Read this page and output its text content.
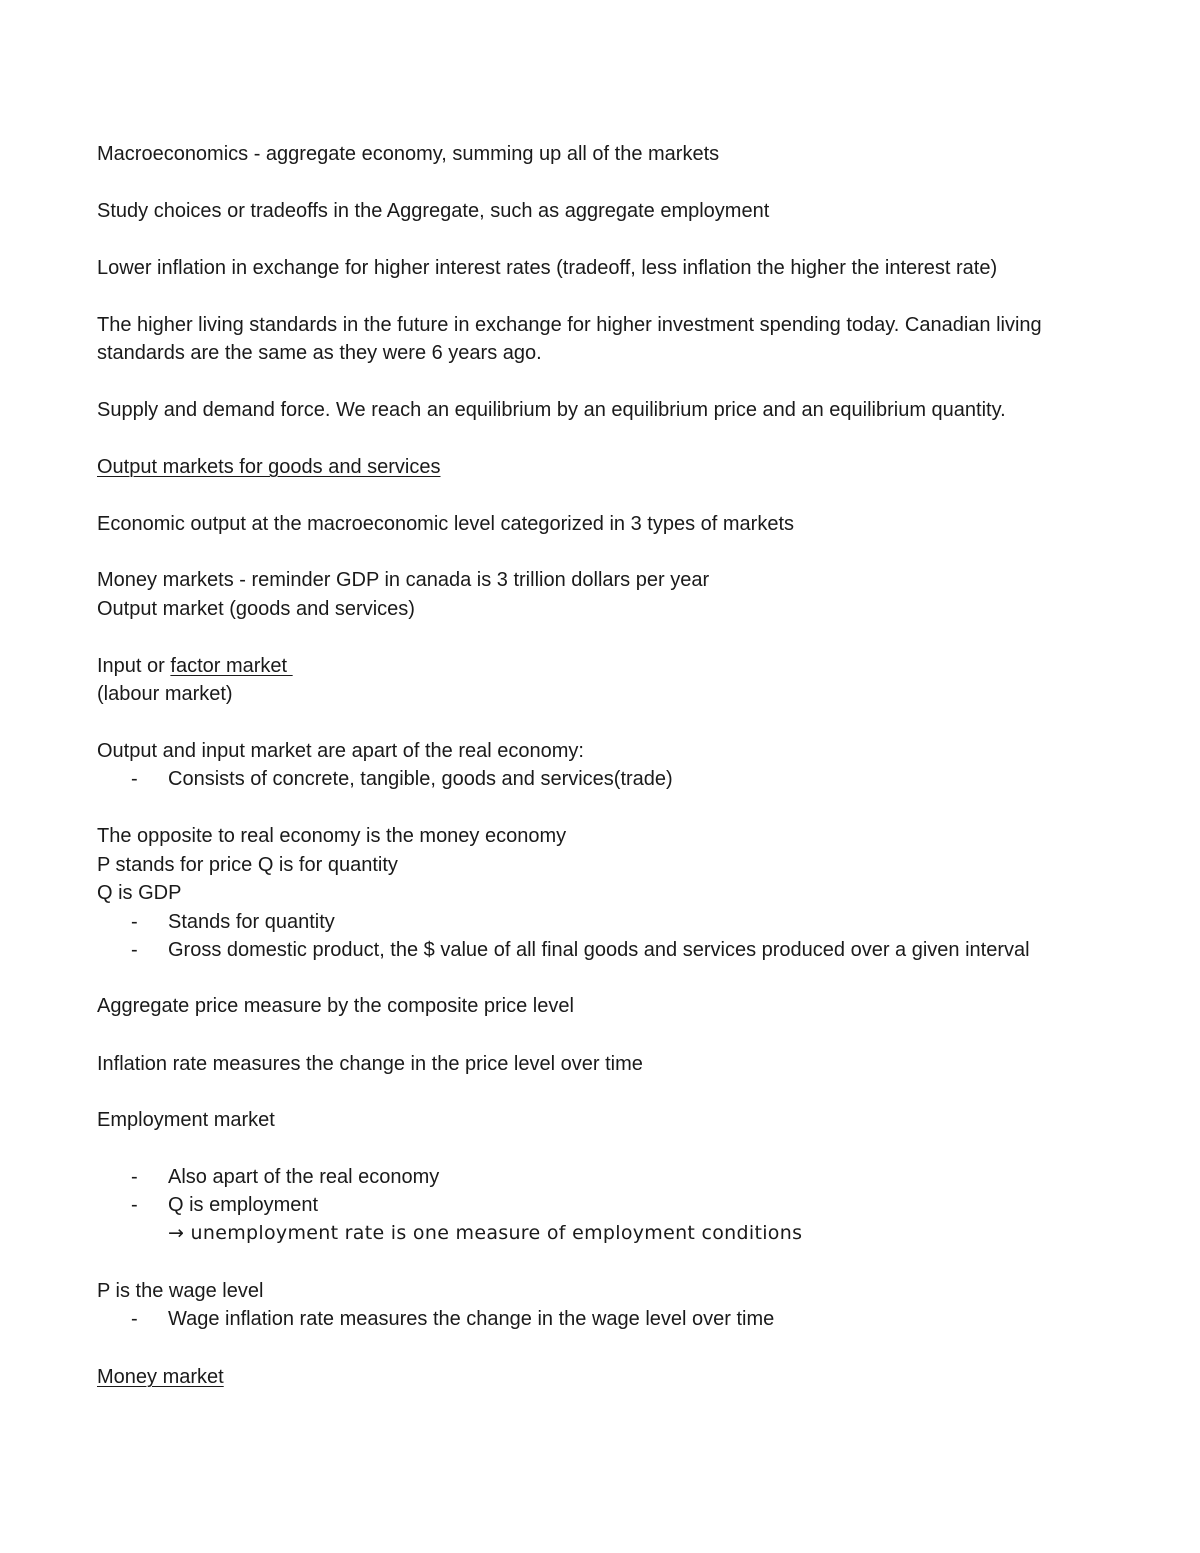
Macroeconomics - aggregate economy, summing up all of the markets
Study choices or tradeoffs in the Aggregate, such as aggregate employment
Lower inflation in exchange for higher interest rates (tradeoff, less inflation the higher the interest rate)
The higher living standards in the future in exchange for higher investment spending today. Canadian living
standards are the same as they were 6 years ago.
Supply and demand force. We reach an equilibrium by an equilibrium price and an equilibrium quantity.
Output markets for goods and services
Economic output at the macroeconomic level categorized in 3 types of markets
Money markets - reminder GDP in canada is 3 trillion dollars per year
Output market (goods and services)
Input or factor market
(labour market)
Output and input market are apart of the real economy:
- Consists of concrete, tangible, goods and services(trade)
The opposite to real economy is the money economy
P stands for price Q is for quantity
Q is GDP
- Stands for quantity
- Gross domestic product, the $ value of all final goods and services produced over a given interval
Aggregate price measure by the composite price level
Inflation rate measures the change in the price level over time
Employment market
- Also apart of the real economy
- Q is employment
→ unemployment rate is one measure of employment conditions
P is the wage level
- Wage inflation rate measures the change in the wage level over time
Money market
